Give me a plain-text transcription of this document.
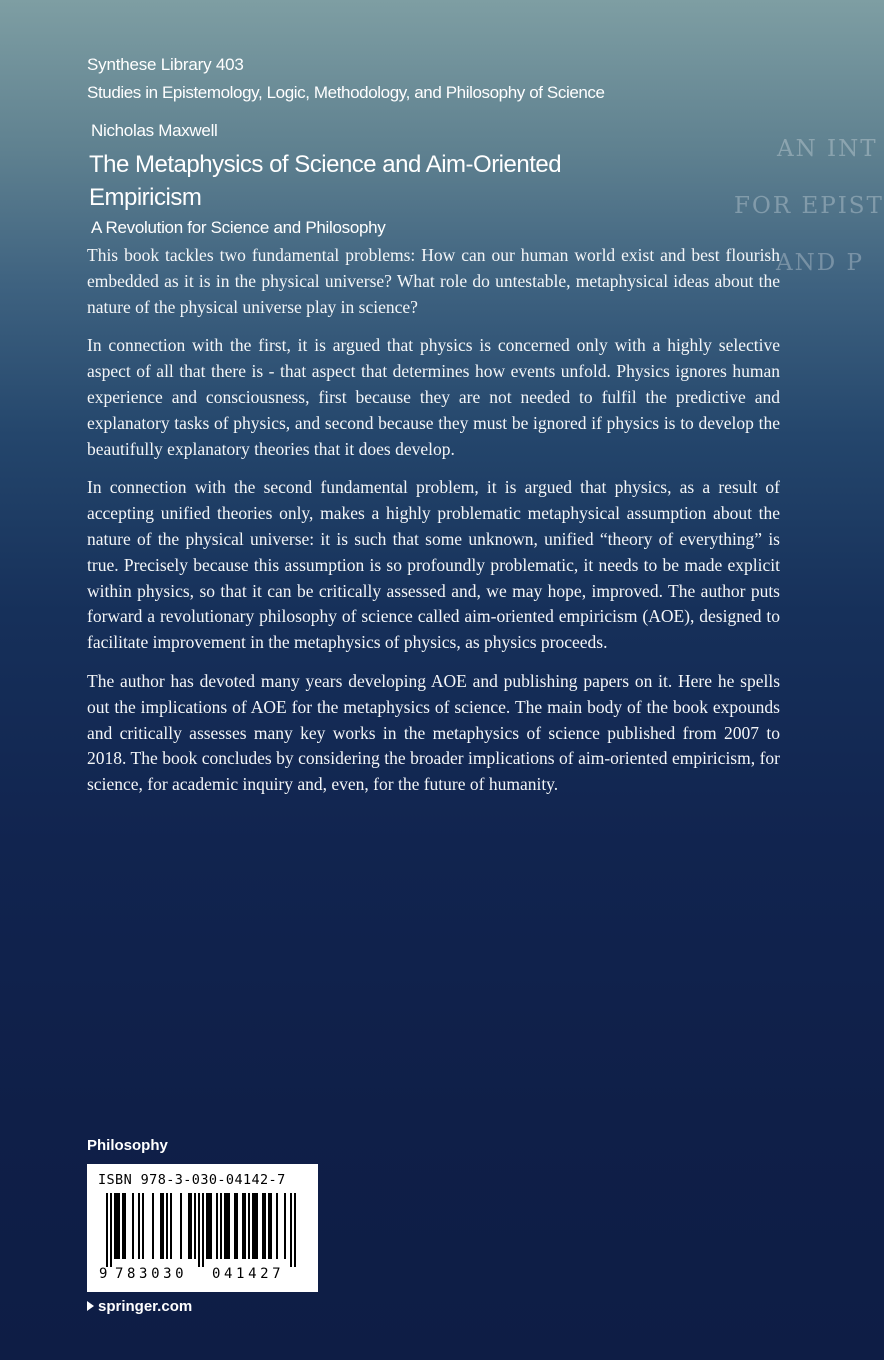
AN INT
FOR EPIST
AND P
Synthese Library 403
Studies in Epistemology, Logic, Methodology, and Philosophy of Science
Nicholas Maxwell
The Metaphysics of Science and Aim-Oriented Empiricism
A Revolution for Science and Philosophy

This book tackles two fundamental problems: How can our human world exist and best flourish embedded as it is in the physical universe? What role do untestable, metaphysical ideas about the nature of the physical universe play in science?

In connection with the first, it is argued that physics is concerned only with a highly selective aspect of all that there is - that aspect that determines how events unfold. Physics ignores human experience and consciousness, first because they are not needed to fulfil the predictive and explanatory tasks of physics, and second because they must be ignored if physics is to develop the beautifully explanatory theories that it does develop.

In connection with the second fundamental problem, it is argued that physics, as a result of accepting unified theories only, makes a highly problematic metaphysical assumption about the nature of the physical universe: it is such that some unknown, unified “theory of everything” is true. Precisely because this assumption is so profoundly problematic, it needs to be made explicit within physics, so that it can be critically assessed and, we may hope, improved. The author puts forward a revolutionary philosophy of science called aim-oriented empiricism (AOE), designed to facilitate improvement in the metaphysics of physics, as physics proceeds.

The author has devoted many years developing AOE and publishing papers on it. Here he spells out the implications of AOE for the metaphysics of science. The main body of the book expounds and critically assesses many key works in the metaphysics of science published from 2007 to 2018. The book concludes by considering the broader implications of aim-oriented empiricism, for science, for academic inquiry and, even, for the future of humanity.

Philosophy
ISBN 978-3-030-04142-7
9 783030 041427
springer.com
